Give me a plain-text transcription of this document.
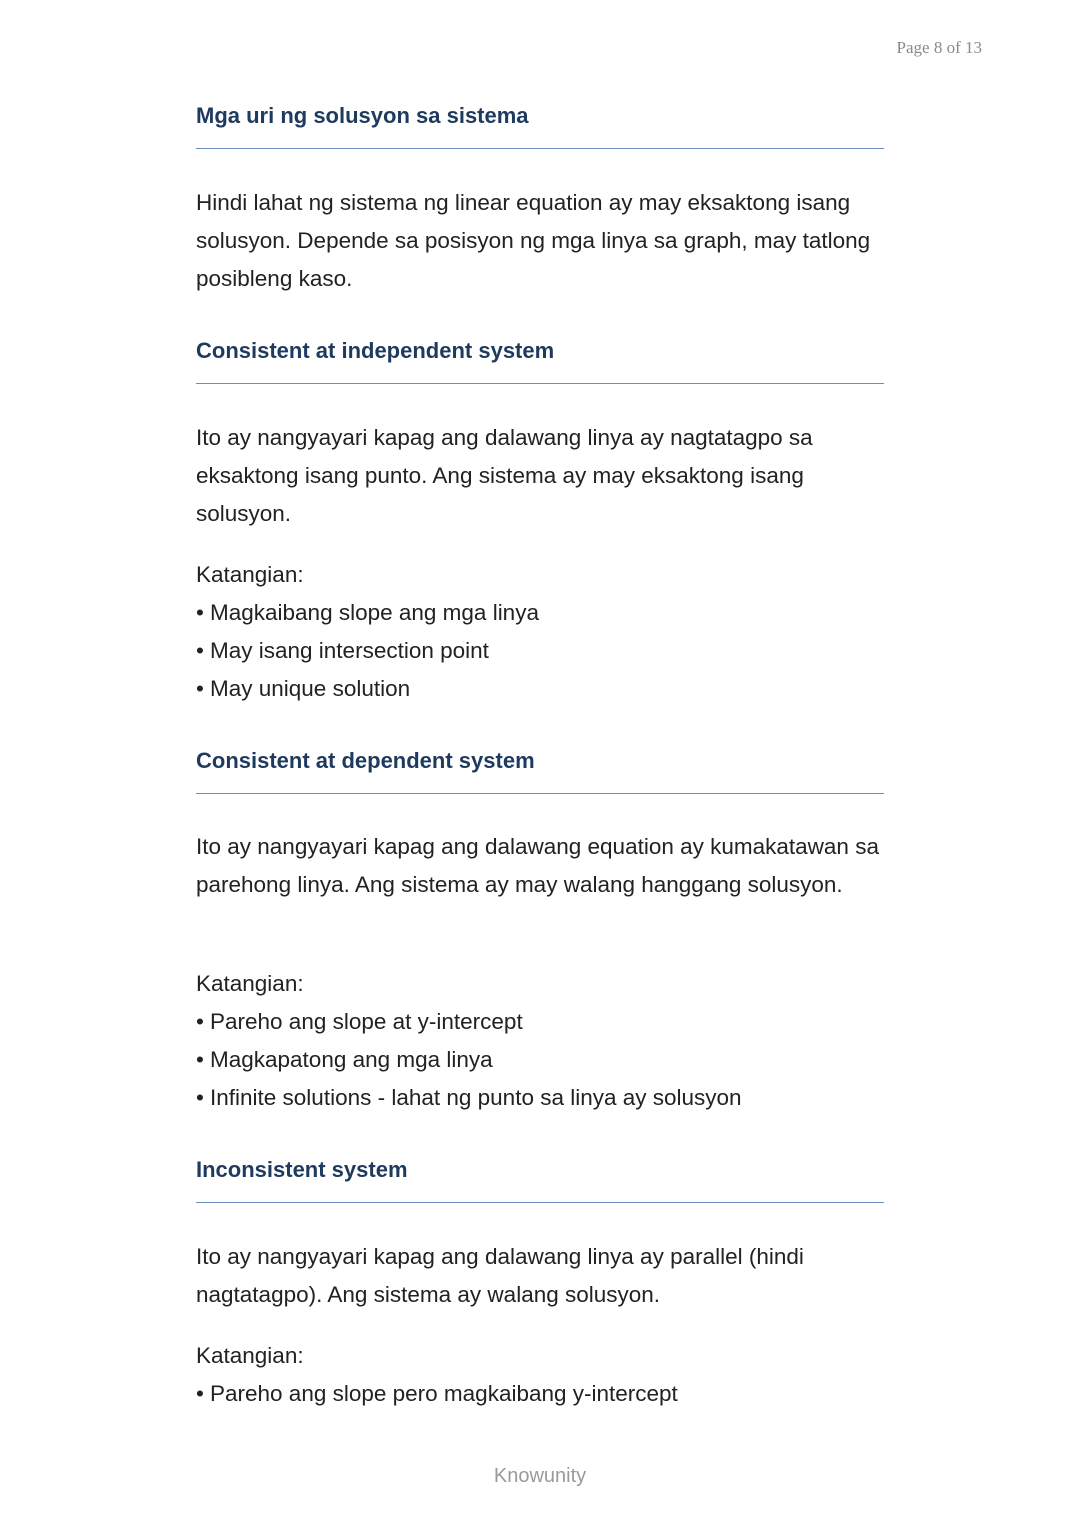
Page 8 of 13
Mga uri ng solusyon sa sistema

Hindi lahat ng sistema ng linear equation ay may eksaktong isang solusyon. Depende sa posisyon ng mga linya sa graph, may tatlong posibleng kaso.

Consistent at independent system

Ito ay nangyayari kapag ang dalawang linya ay nagtatagpo sa eksaktong isang punto. Ang sistema ay may eksaktong isang solusyon.

Katangian:
• Magkaibang slope ang mga linya
• May isang intersection point
• May unique solution
Consistent at dependent system

Ito ay nangyayari kapag ang dalawang equation ay kumakatawan sa parehong linya. Ang sistema ay may walang hanggang solusyon.

Katangian:
• Pareho ang slope at y-intercept
• Magkapatong ang mga linya
• Infinite solutions - lahat ng punto sa linya ay solusyon
Inconsistent system

Ito ay nangyayari kapag ang dalawang linya ay parallel (hindi nagtatagpo). Ang sistema ay walang solusyon.

Katangian:
• Pareho ang slope pero magkaibang y-intercept
Knowunity
